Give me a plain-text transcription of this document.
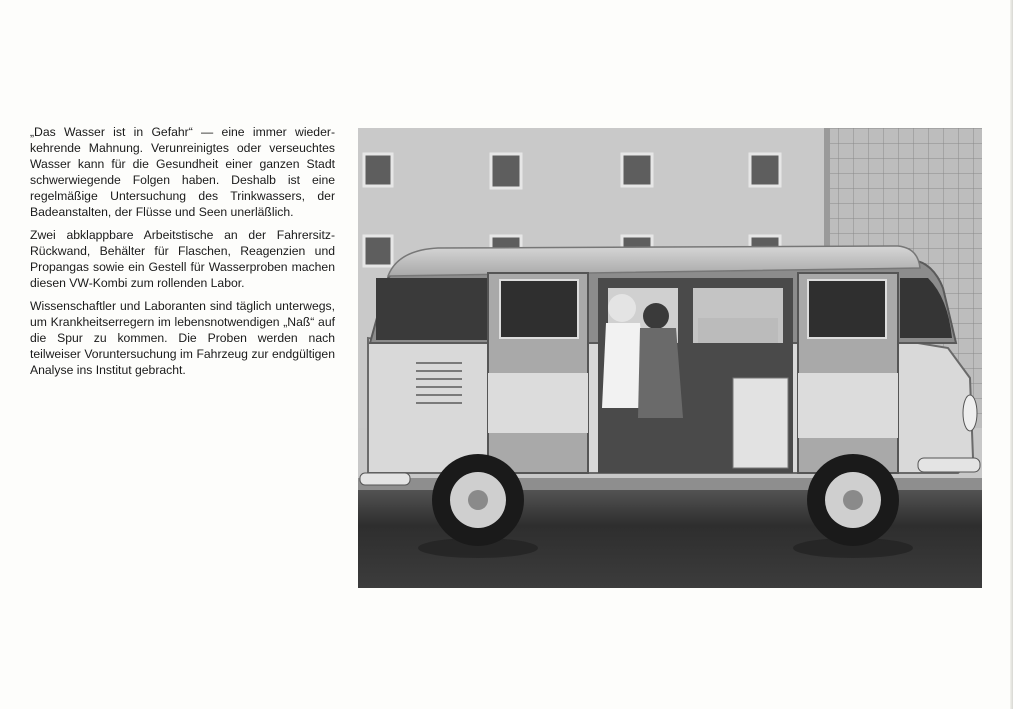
„Das Wasser ist in Gefahr“ — eine immer wiederkehrende Mahnung. Verunreinigtes oder verseuchtes Wasser kann für die Gesundheit einer ganzen Stadt schwerwiegende Folgen haben. Deshalb ist eine regelmäßige Untersuchung des Trinkwassers, der Badeanstalten, der Flüsse und Seen unerläßlich.

Zwei abklappbare Arbeitstische an der Fahrersitz-Rückwand, Behälter für Flaschen, Reagenzien und Propangas sowie ein Gestell für Wasserproben machen diesen VW-Kombi zum rollenden Labor.

Wissenschaftler und Laboranten sind täglich unterwegs, um Krankheitserregern im lebensnotwendigen „Naß“ auf die Spur zu kommen. Die Proben werden nach teilweiser Voruntersuchung im Fahrzeug zur endgültigen Analyse ins Institut gebracht.
